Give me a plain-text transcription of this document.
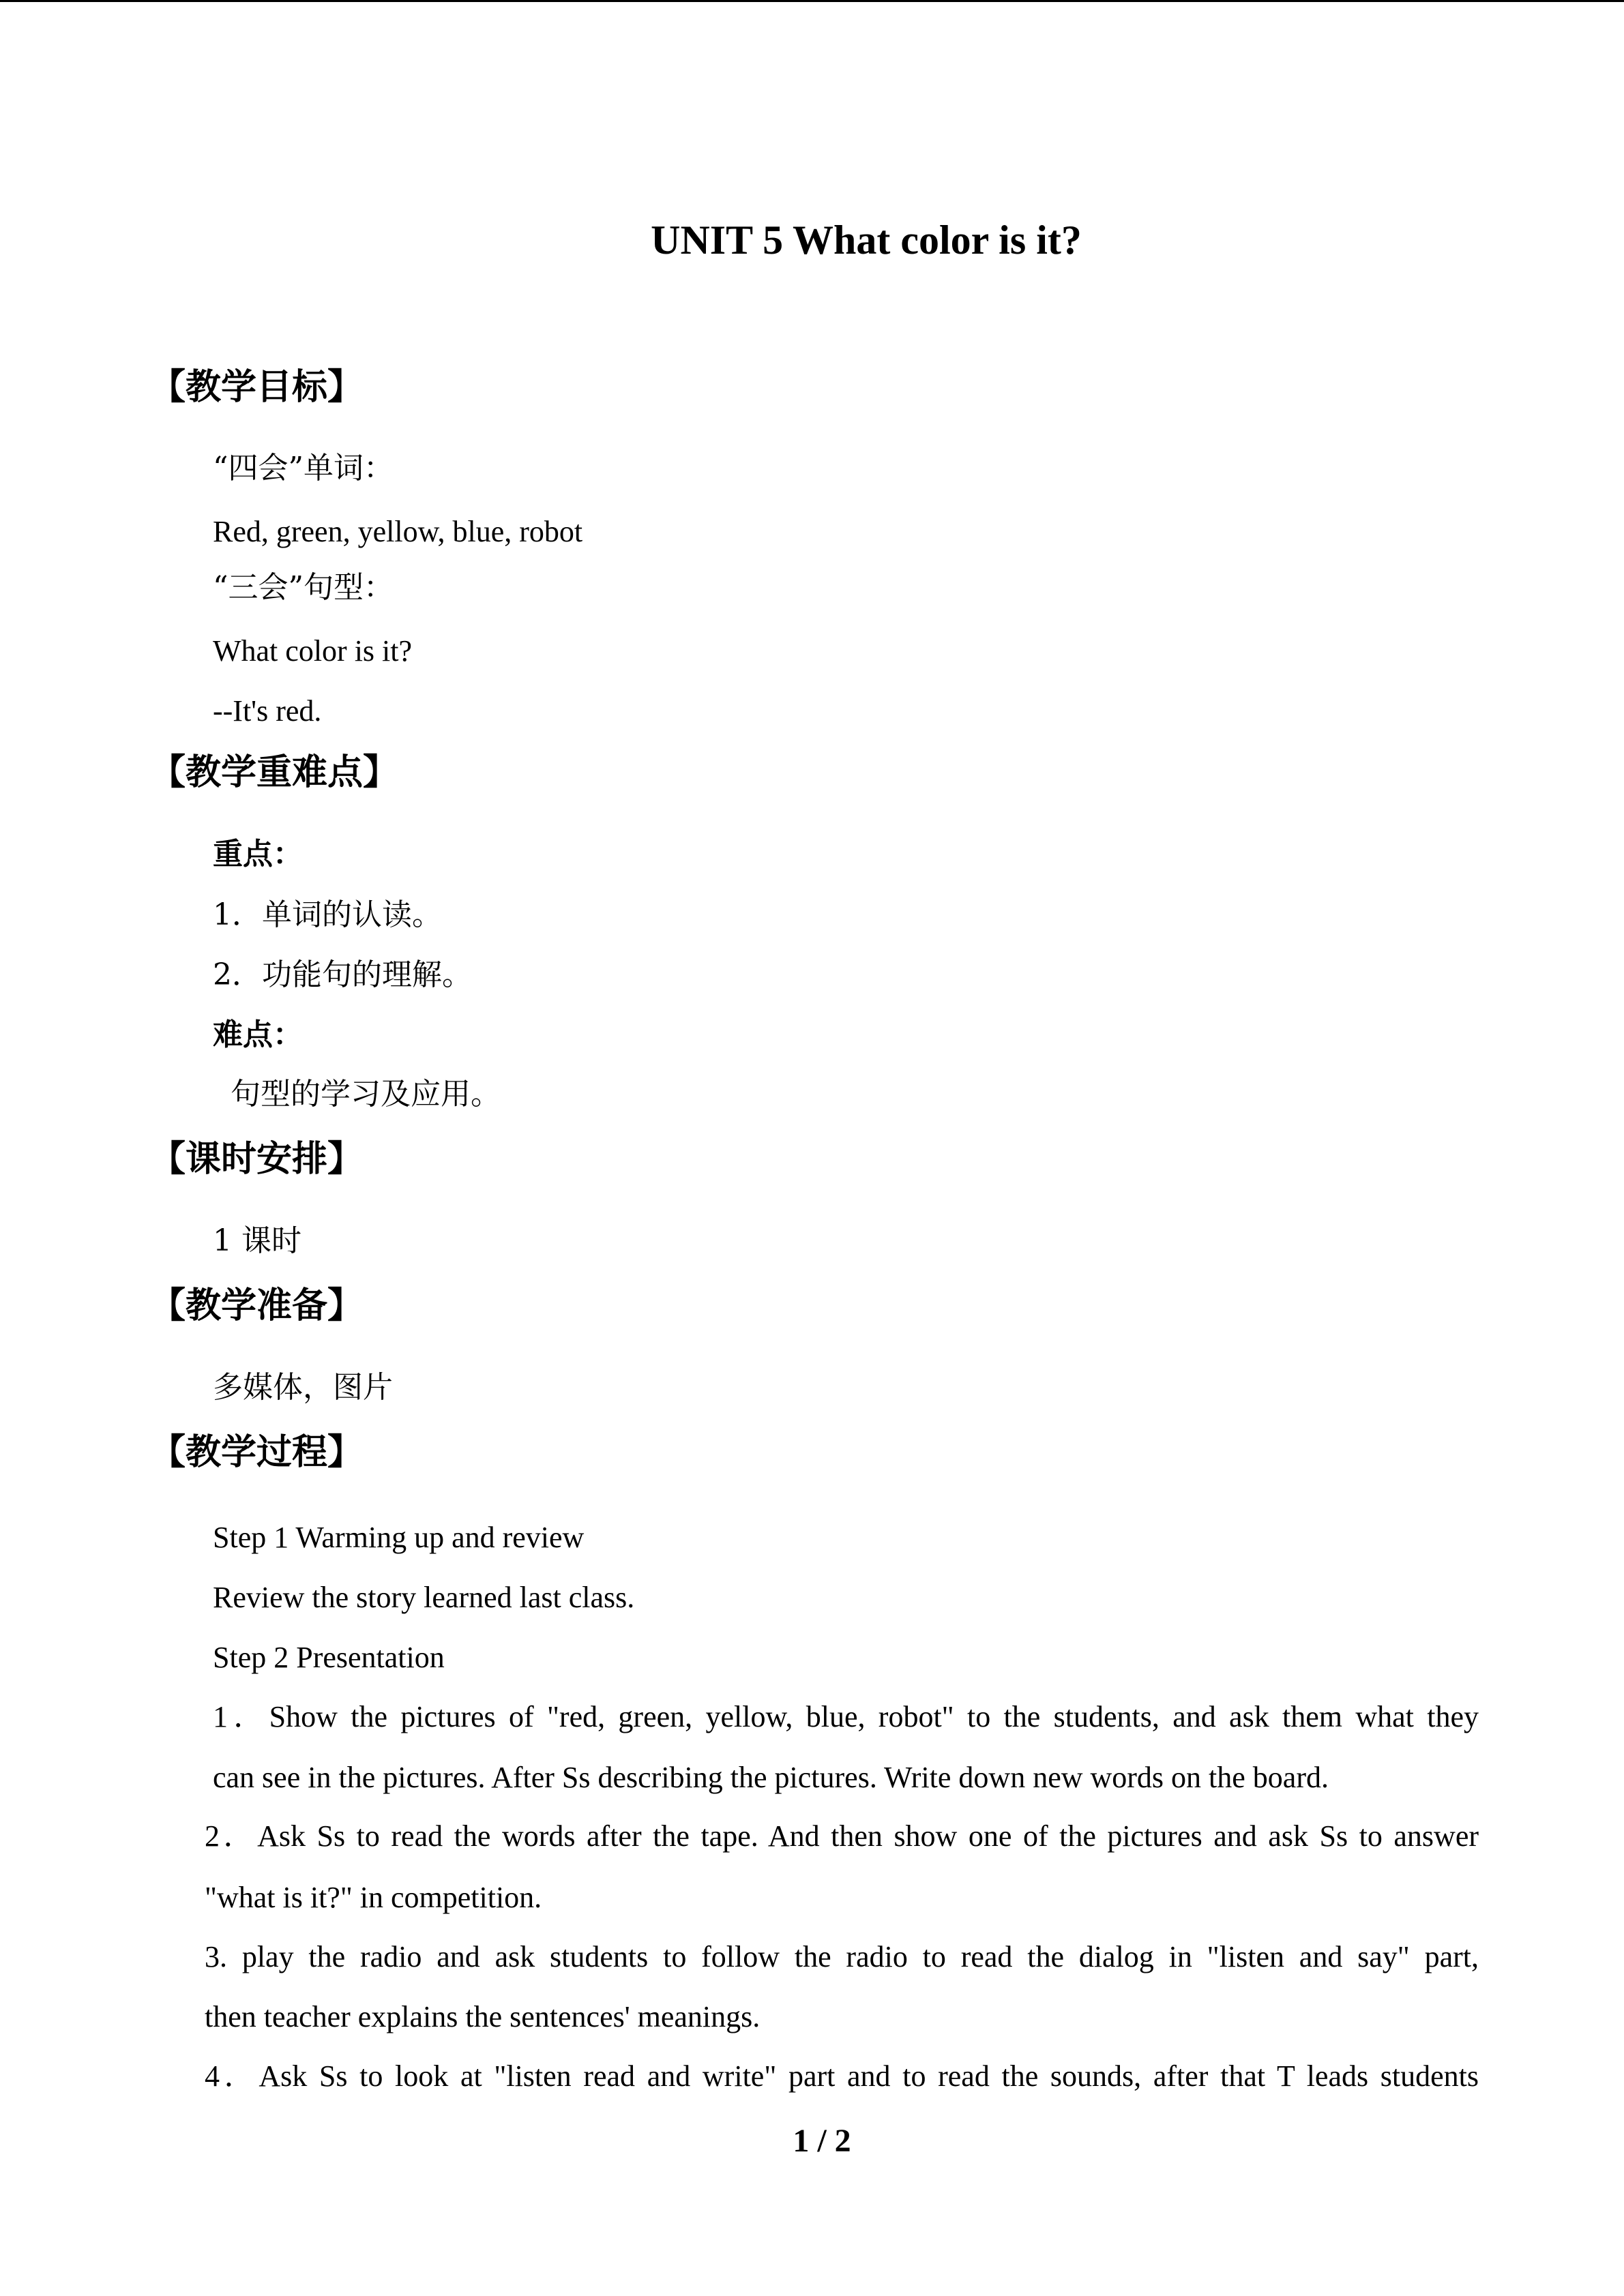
UNIT 5 What color is it?
【教学目标】
“四会”单词：
Red, green, yellow, blue, robot
“三会”句型：
What color is it?
--It's red.
【教学重难点】
重点：
1．单词的认读。
2．功能句的理解。
难点：
句型的学习及应用。
【课时安排】
1 课时
【教学准备】
多媒体，图片
【教学过程】
Step 1 Warming up and review
Review the story learned last class.
Step 2 Presentation
1．Show the pictures of "red, green, yellow, blue, robot" to the students, and ask them what they
can see in the pictures. After Ss describing the pictures. Write down new words on the board.
2．Ask Ss to read the words after the tape. And then show one of the pictures and ask Ss to answer
"what is it?" in competition.
3. play the radio and ask students to follow the radio to read the dialog in "listen and say" part,
then teacher explains the sentences' meanings.
4．Ask Ss to look at "listen read and write" part and to read the sounds, after that T leads students
1 / 2
